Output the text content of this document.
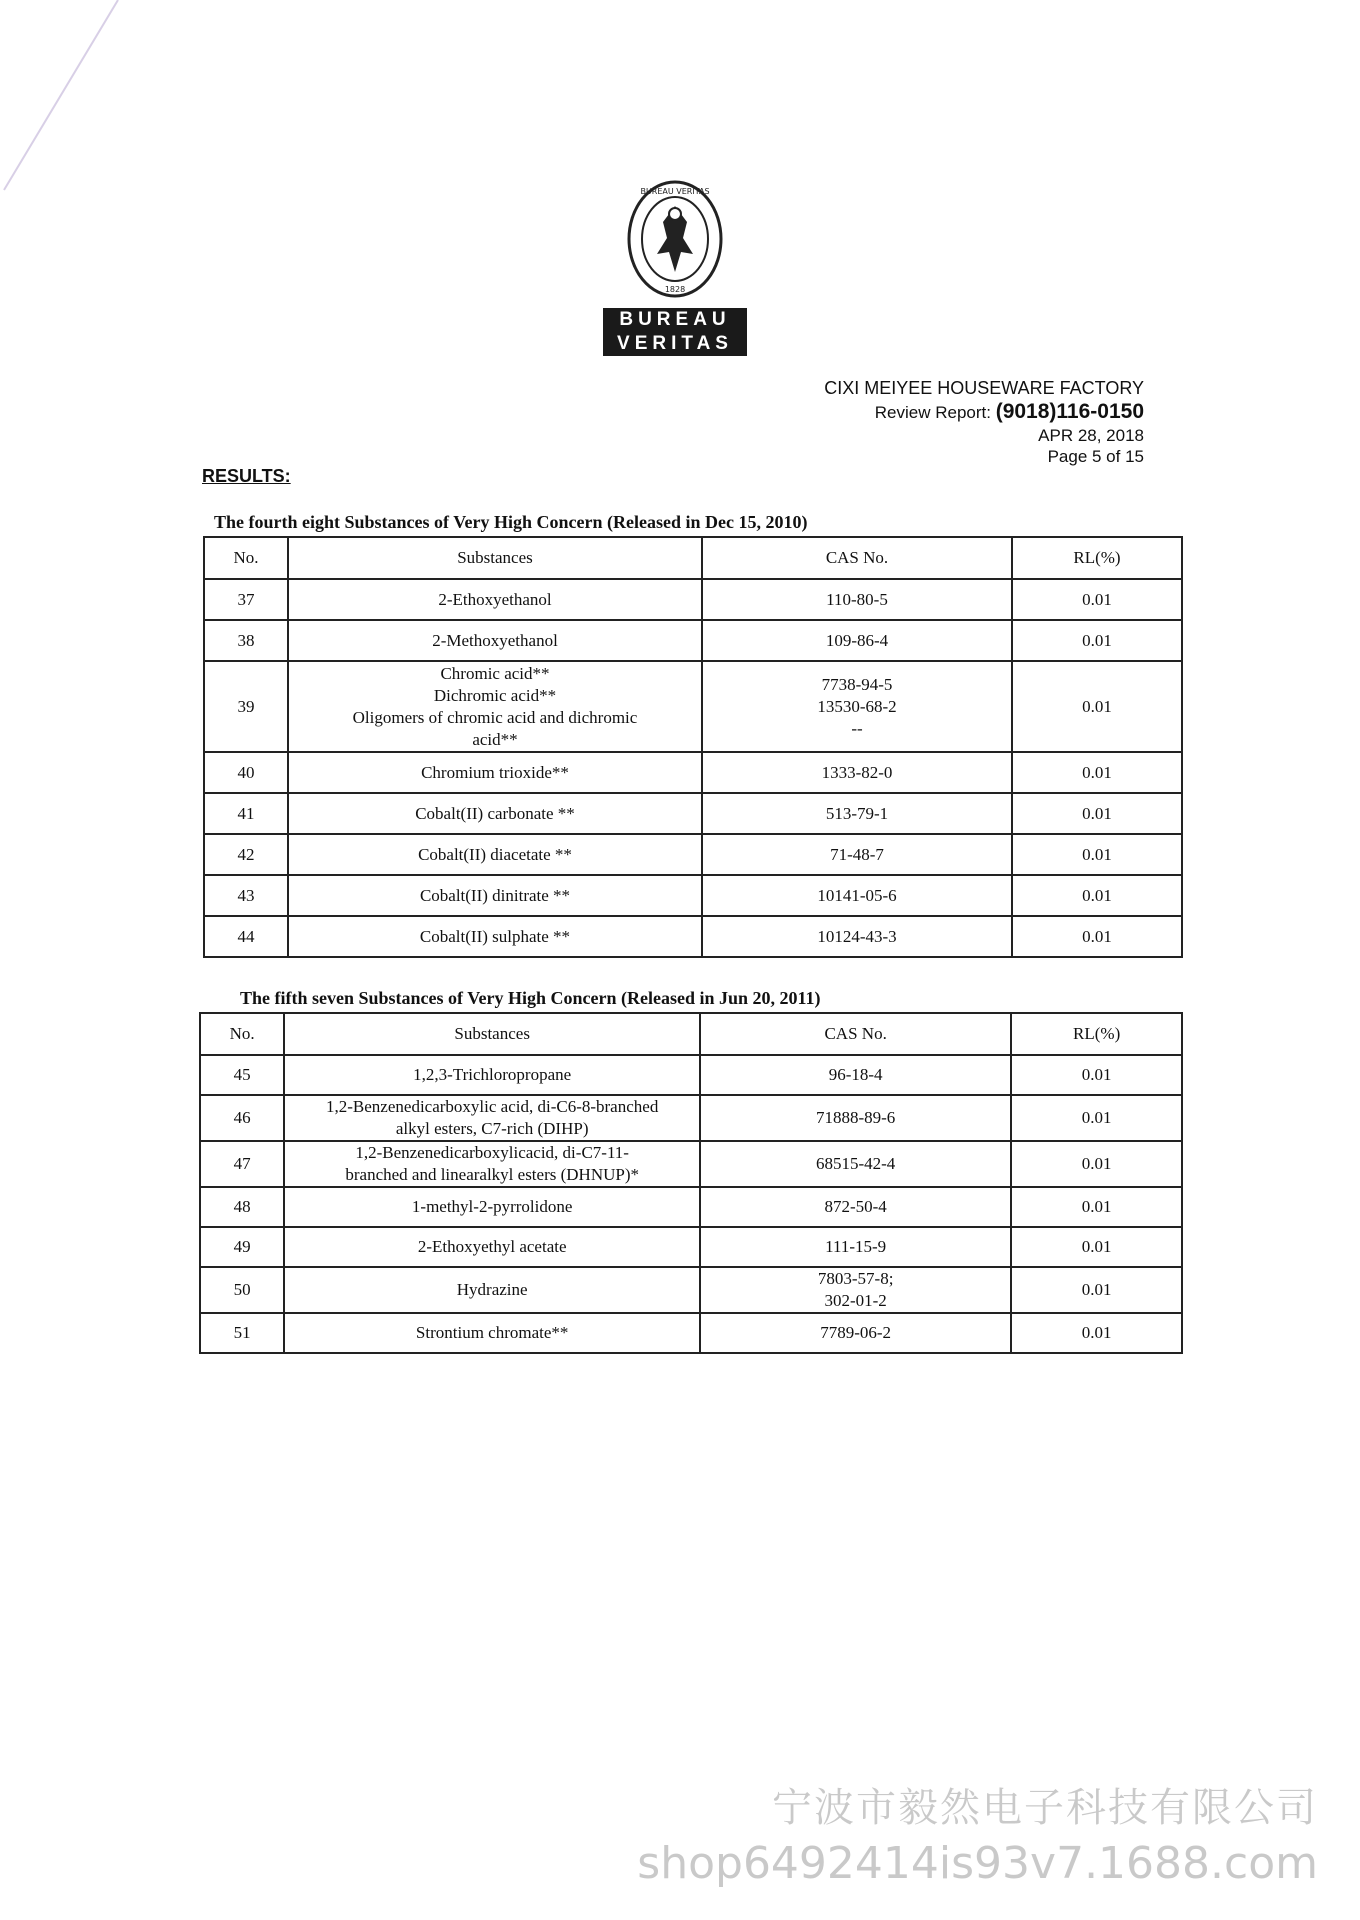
BUREAU VERITAS
1828
BUREAU
VERITAS
CIXI MEIYEE HOUSEWARE FACTORY
Review Report: (9018)116-0150
APR 28, 2018
Page 5 of 15
RESULTS:
The fourth eight Substances of Very High Concern (Released in Dec 15, 2010)
No.	Substances	CAS No.	RL(%)
37	2-Ethoxyethanol	110-80-5	0.01
38	2-Methoxyethanol	109-86-4	0.01
39	Chromic acid**
Dichromic acid**
Oligomers of chromic acid and dichromic
acid**	7738-94-5
13530-68-2
--	0.01
40	Chromium trioxide**	1333-82-0	0.01
41	Cobalt(II) carbonate **	513-79-1	0.01
42	Cobalt(II) diacetate **	71-48-7	0.01
43	Cobalt(II) dinitrate **	10141-05-6	0.01
44	Cobalt(II) sulphate **	10124-43-3	0.01
The fifth seven Substances of Very High Concern (Released in Jun 20, 2011)
No.	Substances	CAS No.	RL(%)
45	1,2,3-Trichloropropane	96-18-4	0.01
46	1,2-Benzenedicarboxylic acid, di-C6-8-branched
alkyl esters, C7-rich (DIHP)	71888-89-6	0.01
47	1,2-Benzenedicarboxylicacid, di-C7-11-
branched and linearalkyl esters (DHNUP)*	68515-42-4	0.01
48	1-methyl-2-pyrrolidone	872-50-4	0.01
49	2-Ethoxyethyl acetate	111-15-9	0.01
50	Hydrazine	7803-57-8;
302-01-2	0.01
51	Strontium chromate**	7789-06-2	0.01
宁波市毅然电子科技有限公司
shop6492414is93v7.1688.com
